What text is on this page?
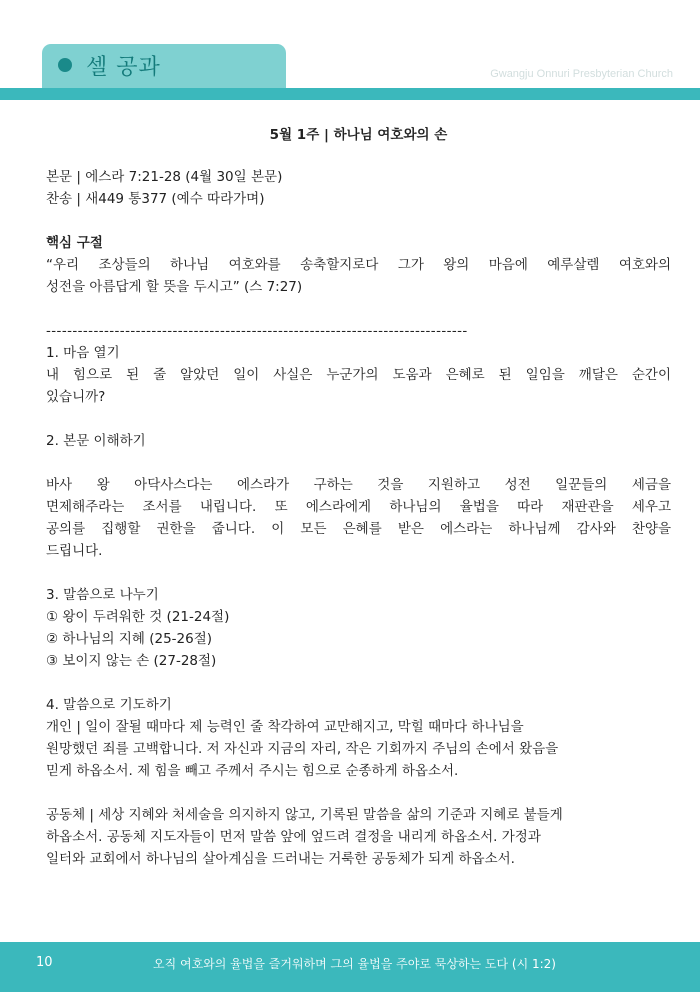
셀 공과	Gwangju Onnuri Presbyterian Church
5월 1주 | 하나님 여호와의 손
본문 | 에스라 7:21-28 (4월 30일 본문)
찬송 | 새449 통377 (예수 따라가며)
핵심 구절
“우리 조상들의 하나님 여호와를 송축할지로다 그가 왕의 마음에 예루살렘 여호와의
성전을 아름답게 할 뜻을 두시고” (스 7:27)
--------------------------------------------------------------------------------
1. 마음 열기
내 힘으로 된 줄 알았던 일이 사실은 누군가의 도움과 은혜로 된 일임을 깨달은 순간이
있습니까?
2. 본문 이해하기
바사 왕 아닥사스다는 에스라가 구하는 것을 지원하고 성전 일꾼들의 세금을
면제해주라는 조서를 내립니다. 또 에스라에게 하나님의 율법을 따라 재판관을 세우고
공의를 집행할 권한을 줍니다. 이 모든 은혜를 받은 에스라는 하나님께 감사와 찬양을
드립니다.
3. 말씀으로 나누기
① 왕이 두려워한 것 (21-24절)
② 하나님의 지혜 (25-26절)
③ 보이지 않는 손 (27-28절)
4. 말씀으로 기도하기
개인 | 일이 잘될 때마다 제 능력인 줄 착각하여 교만해지고, 막힐 때마다 하나님을
원망했던 죄를 고백합니다. 저 자신과 지금의 자리, 작은 기회까지 주님의 손에서 왔음을
믿게 하옵소서. 제 힘을 빼고 주께서 주시는 힘으로 순종하게 하옵소서.
공동체 | 세상 지혜와 처세술을 의지하지 않고, 기록된 말씀을 삶의 기준과 지혜로 붙들게
하옵소서. 공동체 지도자들이 먼저 말씀 앞에 엎드려 결정을 내리게 하옵소서. 가정과
일터와 교회에서 하나님의 살아계심을 드러내는 거룩한 공동체가 되게 하옵소서.
10	오직 여호와의 율법을 즐거워하며 그의 율법을 주야로 묵상하는 도다 (시 1:2)
